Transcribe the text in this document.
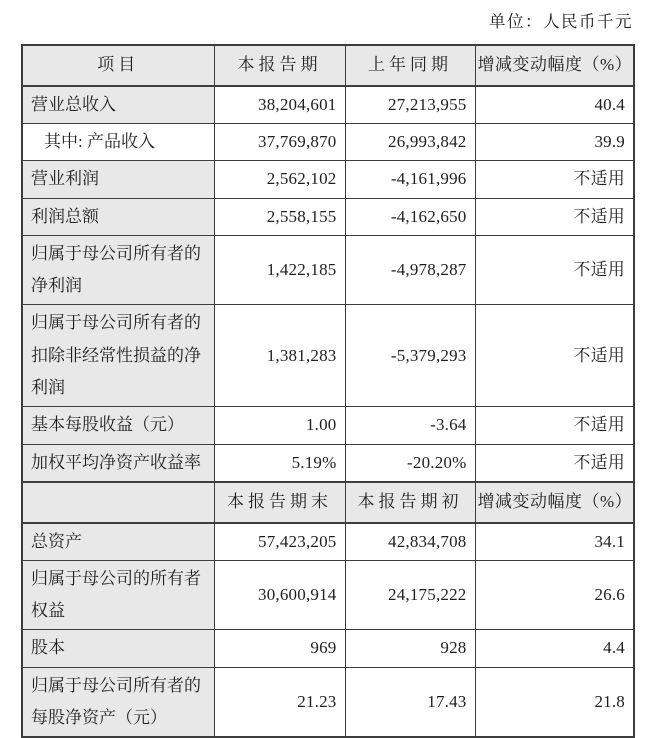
单位：人民币千元
项目	本报告期	上年同期	增减变动幅度（%）
营业总收入	38,204,601	27,213,955	40.4
其中: 产品收入	37,769,870	26,993,842	39.9
营业利润	2,562,102	-4,161,996	不适用
利润总额	2,558,155	-4,162,650	不适用
归属于母公司所有者的净利润	1,422,185	-4,978,287	不适用
归属于母公司所有者的扣除非经常性损益的净利润	1,381,283	-5,379,293	不适用
基本每股收益（元）	1.00	-3.64	不适用
加权平均净资产收益率	5.19%	-20.20%	不适用
	本报告期末	本报告期初	增减变动幅度（%）
总资产	57,423,205	42,834,708	34.1
归属于母公司的所有者权益	30,600,914	24,175,222	26.6
股本	969	928	4.4
归属于母公司所有者的每股净资产（元）	21.23	17.43	21.8
